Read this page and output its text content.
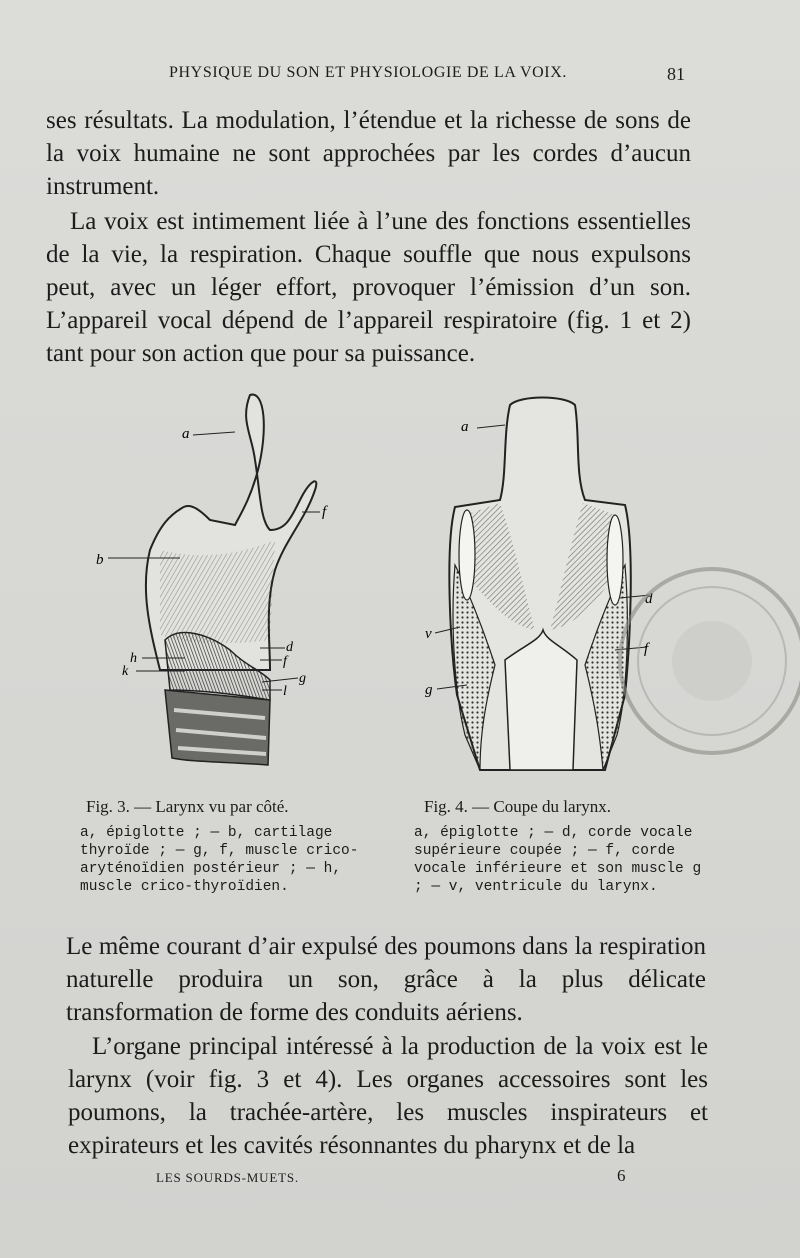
PHYSIQUE DU SON ET PHYSIOLOGIE DE LA VOIX.	81

ses résultats. La modulation, l’étendue et la richesse de sons de la voix humaine ne sont approchées par les cordes d’aucun instrument.

La voix est intimement liée à l’une des fonctions essentielles de la vie, la respiration. Chaque souffle que nous expulsons peut, avec un léger effort, provoquer l’émission d’un son. L’appareil vocal dépend de l’appareil respiratoire (fig. 1 et 2) tant pour son action que pour sa puissance.

a
b
f
d
f
g
l
h
k
a
d
v
f
g
Fig. 3. — Larynx vu par côté.

a, épiglotte ; — b, cartilage thyroïde ; — g, f, muscle crico-aryténoïdien postérieur ; — h, muscle crico-thyroïdien.

Fig. 4. — Coupe du larynx.

a, épiglotte ; — d, corde vocale supérieure coupée ; — f, corde vocale inférieure et son muscle g ; — v, ventricule du larynx.

Le même courant d’air expulsé des poumons dans la respiration naturelle produira un son, grâce à la plus délicate transformation de forme des conduits aériens.

L’organe principal intéressé à la production de la voix est le larynx (voir fig. 3 et 4). Les organes accessoires sont les poumons, la trachée-artère, les muscles inspirateurs et expirateurs et les cavités résonnantes du pharynx et de la

LES SOURDS-MUETS.	6
